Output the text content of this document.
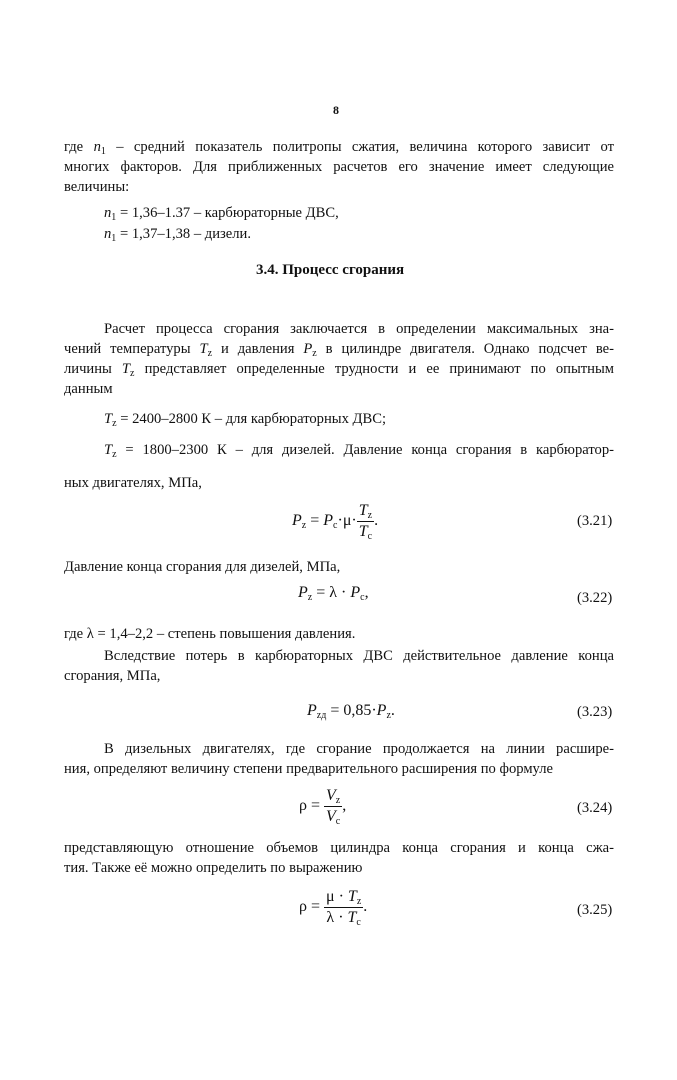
8
где $n_1$ – средний показатель политропы сжатия, величина которого зависит от
многих факторов. Для приближенных расчетов его значение имеет следующие
величины:
$n_1 = 1,36-1.37$ – карбюраторные ДВС,
$n_1 = 1,37-1,38$ – дизели.
3.4. Процесс сгорания
Расчет процесса сгорания заключается в определении максимальных зна-
чений температуры $T_z$ и давления $P_z$ в цилиндре двигателя. Однако подсчет ве-
личины $T_z$ представляет определенные трудности и ее принимают по опытным
данным
$T_z = 2400-2800$ К – для карбюраторных ДВС;
$T_z = 1800-2300$ К – для дизелей. Давление конца сгорания в карбюратор-
ных двигателях, МПа,
$P_z = P_c\cdot\mu\cdot \frac{T_z}{T_c}$ .	(3.21)
Давление конца сгорания для дизелей, МПа,
$P_z = \lambda \cdot P_c$,	(3.22)
где λ = 1,4–2,2 – степень повышения давления.
Вследствие потерь в карбюраторных ДВС действительное давление конца
сгорания, МПа,
$P_{zд} = 0,85\cdot P_z$.	(3.23)
В дизельных двигателях, где сгорание продолжается на линии расшире-
ния, определяют величину степени предварительного расширения по формуле
$\rho = \frac{V_z}{V_c}$ ,	(3.24)
представляющую отношение объемов цилиндра конца сгорания и конца сжа-
тия. Также её можно определить по выражению
$\rho = \frac{\mu \cdot T_z}{\lambda \cdot T_c}$ .	(3.25)
